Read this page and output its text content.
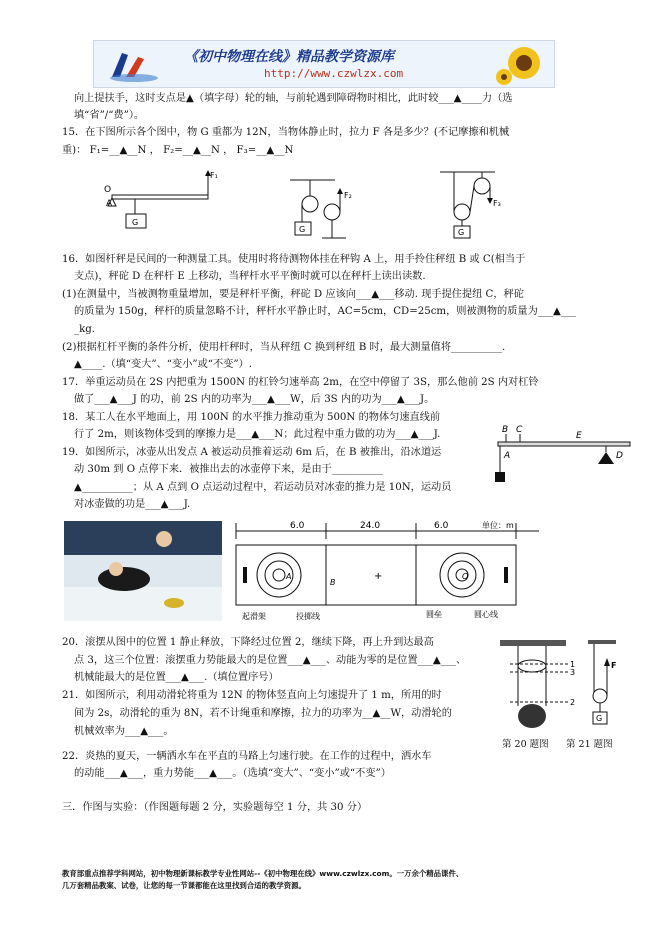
《初中物理在线》精品教学资源库
http://www.czwlzx.com
向上提扶手，这时支点是▲（填字母）轮的轴，与前轮遇到障碍物时相比，此时较___▲____力（选
填“省”/“费”）。
15．在下图所示各个图中，物 G 重都为 12N，当物体静止时，拉力 F 各是多少？(不记摩擦和机械
重)： F₁=__▲__N ， F₂=__▲__N ， F₃=__▲__N
O
A
F₁
G
G
F₂
F₃
G
16．如图杆秤是民间的一种测量工具。使用时将待测物体挂在秤钩 A 上，用手拎住秤纽 B 或 C(相当于
支点)，秤砣 D 在秤杆 E 上移动，当秤杆水平平衡时就可以在秤杆上读出读数.
(1)在测量中，当被测物重量增加，要是秤杆平衡，秤砣 D 应该向___▲___移动. 现手提住提纽 C，秤砣
的质量为 150g，秤杆的质量忽略不计，秤杆水平静止时，AC=5cm，CD=25cm，则被测物的质量为___▲___
_kg.
(2)根据杠杆平衡的条件分析，使用杆秤时，当从秤纽 C 换到秤纽 B 时，最大测量值将__________.
▲____.（填“变大”、“变小”或“不变”）.
17．举重运动员在 2S 内把重为 1500N 的杠铃匀速举高 2m，在空中停留了 3S，那么他前 2S 内对杠铃
做了___▲___J 的功，前 2S 内的功率为___▲___W，后 3S 内的功为___▲___J。
18．某工人在水平地面上，用 100N 的水平推力推动重为 500N 的物体匀速直线前
行了 2m，则该物体受到的摩擦力是___▲___N；此过程中重力做的功为___▲___J.
19．如图所示，冰壶从出发点 A 被运动员推着运动 6m 后，在 B 被推出，沿冰道运
动 30m 到 O 点停下来．被推出去的冰壶停下来，是由于__________
▲__________；从 A 点到 O 点运动过程中，若运动员对冰壶的推力是 10N，运动员
对冰壶做的功是___▲___J.
B C
E
A	D
6.0	24.0	6.0	单位：m
A
B
O
+
起滑架	投掷线	圆垒	圆心线
20．滚摆从图中的位置 1 静止释放，下降经过位置 2，继续下降，再上升到达最高
点 3，这三个位置：滚摆重力势能最大的是位置___▲___、动能为零的是位置___▲___、
机械能最大的是位置___▲___.（填位置序号）
21．如图所示，利用动滑轮将重为 12N 的物体竖直向上匀速提升了 1 m，所用的时
间为 2s，动滑轮的重为 8N，若不计绳重和摩擦，拉力的功率为__▲__W，动滑轮的
机械效率为___▲___。
22．炎热的夏天，一辆洒水车在平直的马路上匀速行驶。在工作的过程中，洒水车
的动能___▲___，重力势能___▲___。（选填“变大”、“变小”或“不变”）
三．作图与实验：（作图题每题 2 分，实验题每空 1 分，共 30 分）
1
3
2
F
G
第 20 题图 第 21 题图
教育部重点推荐学科网站，初中物理新课标教学专业性网站--《初中物理在线》www.czwlzx.com。一万余个精品课件、
几万套精品教案、试卷，让您的每一节课都能在这里找到合适的教学资源。
